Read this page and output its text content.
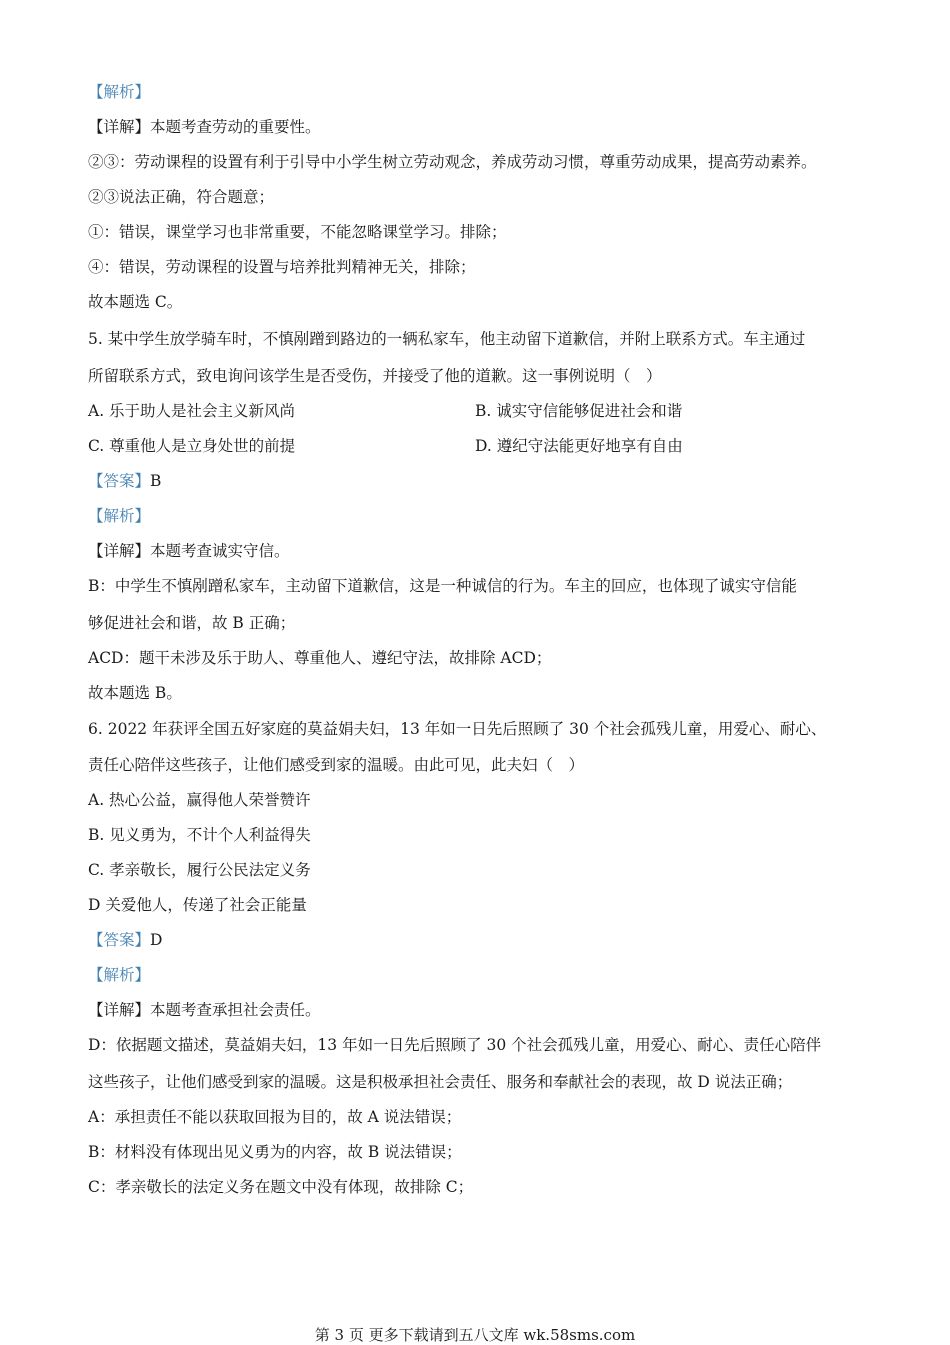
【解析】
【详解】本题考查劳动的重要性。
②③：劳动课程的设置有利于引导中小学生树立劳动观念，养成劳动习惯，尊重劳动成果，提高劳动素养。
②③说法正确，符合题意；
①：错误，课堂学习也非常重要，不能忽略课堂学习。排除；
④：错误，劳动课程的设置与培养批判精神无关，排除；
故本题选 C。
5. 某中学生放学骑车时，不慎剐蹭到路边的一辆私家车，他主动留下道歉信，并附上联系方式。车主通过
所留联系方式，致电询问该学生是否受伤，并接受了他的道歉。这一事例说明（　）
A. 乐于助人是社会主义新风尚	B. 诚实守信能够促进社会和谐
C. 尊重他人是立身处世的前提	D. 遵纪守法能更好地享有自由
【答案】B
【解析】
【详解】本题考查诚实守信。
B：中学生不慎剐蹭私家车，主动留下道歉信，这是一种诚信的行为。车主的回应，也体现了诚实守信能
够促进社会和谐，故 B 正确；
ACD：题干未涉及乐于助人、尊重他人、遵纪守法，故排除 ACD；
故本题选 B。
6. 2022 年获评全国五好家庭的莫益娟夫妇，13 年如一日先后照顾了 30 个社会孤残儿童，用爱心、耐心、
责任心陪伴这些孩子，让他们感受到家的温暖。由此可见，此夫妇（　）
A. 热心公益，赢得他人荣誉赞许
B. 见义勇为，不计个人利益得失
C. 孝亲敬长，履行公民法定义务
D 关爱他人，传递了社会正能量
【答案】D
【解析】
【详解】本题考查承担社会责任。
D：依据题文描述，莫益娟夫妇，13 年如一日先后照顾了 30 个社会孤残儿童，用爱心、耐心、责任心陪伴
这些孩子，让他们感受到家的温暖。这是积极承担社会责任、服务和奉献社会的表现，故 D 说法正确；
A：承担责任不能以获取回报为目的，故 A 说法错误；
B：材料没有体现出见义勇为的内容，故 B 说法错误；
C：孝亲敬长的法定义务在题文中没有体现，故排除 C；
第 3 页 更多下载请到五八文库 wk.58sms.com
